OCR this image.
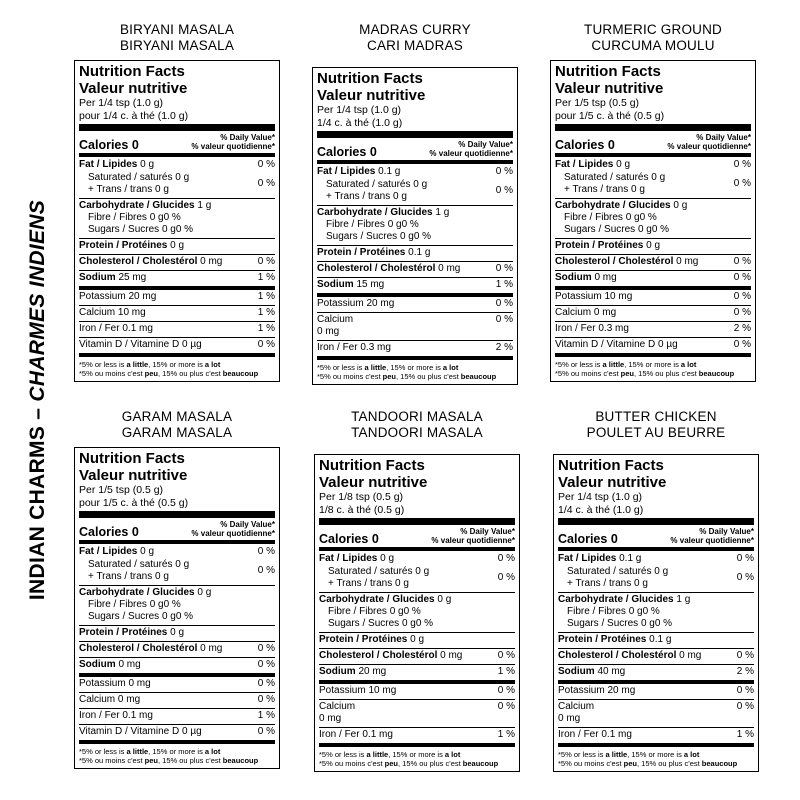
INDIAN CHARMS – CHARMES INDIENS
BIRYANI MASALA
BIRYANI MASALA
Nutrition Facts
Valeur nutritive
Per 1/4 tsp (1.0 g)
pour 1/4 c. à thé (1.0 g)
Calories 0
% Daily Value*
% valeur quotidienne*
Fat / Lipides 0 g	0 %
Saturated / saturés 0 g
+ Trans / trans 0 g
0 %
Carbohydrate / Glucides 1 g
Fibre / Fibres 0 g 0 %
Sugars / Sucres 0 g 0 %
Protein / Protéines 0 g
Cholesterol / Cholestérol 0 mg	0 %
Sodium 25 mg	1 %
Potassium 20 mg	1 %
Calcium 10 mg	1 %
Iron / Fer 0.1 mg	1 %
Vitamin D / Vitamine D 0 µg	0 %
*5% or less is a little, 15% or more is a lot
*5% ou moins c'est peu, 15% ou plus c'est beaucoup
MADRAS CURRY
CARI MADRAS
Nutrition Facts
Valeur nutritive
Per 1/4 tsp (1.0 g)
1/4 c. à thé (1.0 g)
Calories 0
% Daily Value*
% valeur quotidienne*
Fat / Lipides 0.1 g	0 %
Saturated / saturés 0 g
+ Trans / trans 0 g
0 %
Carbohydrate / Glucides 1 g
Fibre / Fibres 0 g 0 %
Sugars / Sucres 0 g 0 %
Protein / Protéines 0.1 g
Cholesterol / Cholestérol 0 mg	0 %
Sodium 15 mg	1 %
Potassium 20 mg	0 %
Calcium
0 mg
0 %
Iron / Fer 0.3 mg	2 %
*5% or less is a little, 15% or more is a lot
*5% ou moins c'est peu, 15% ou plus c'est beaucoup
TURMERIC GROUND
CURCUMA MOULU
Nutrition Facts
Valeur nutritive
Per 1/5 tsp (0.5 g)
pour 1/5 c. à thé (0.5 g)
Calories 0
% Daily Value*
% valeur quotidienne*
Fat / Lipides 0 g	0 %
Saturated / saturés 0 g
+ Trans / trans 0 g
0 %
Carbohydrate / Glucides 0 g
Fibre / Fibres 0 g 0 %
Sugars / Sucres 0 g 0 %
Protein / Protéines 0 g
Cholesterol / Cholestérol 0 mg	0 %
Sodium 0 mg	0 %
Potassium 10 mg	0 %
Calcium 0 mg	0 %
Iron / Fer 0.3 mg	2 %
Vitamin D / Vitamine D 0 µg	0 %
*5% or less is a little, 15% or more is a lot
*5% ou moins c'est peu, 15% ou plus c'est beaucoup
GARAM MASALA
GARAM MASALA
Nutrition Facts
Valeur nutritive
Per 1/5 tsp (0.5 g)
pour 1/5 c. à thé (0.5 g)
Calories 0
% Daily Value*
% valeur quotidienne*
Fat / Lipides 0 g	0 %
Saturated / saturés 0 g
+ Trans / trans 0 g
0 %
Carbohydrate / Glucides 0 g
Fibre / Fibres 0 g 0 %
Sugars / Sucres 0 g 0 %
Protein / Protéines 0 g
Cholesterol / Cholestérol 0 mg	0 %
Sodium 0 mg	0 %
Potassium 0 mg	0 %
Calcium 0 mg	0 %
Iron / Fer 0.1 mg	1 %
Vitamin D / Vitamine D 0 µg	0 %
*5% or less is a little, 15% or more is a lot
*5% ou moins c'est peu, 15% ou plus c'est beaucoup
TANDOORI MASALA
TANDOORI MASALA
Nutrition Facts
Valeur nutritive
Per 1/8 tsp (0.5 g)
1/8 c. à thé (0.5 g)
Calories 0
% Daily Value*
% valeur quotidienne*
Fat / Lipides 0 g	0 %
Saturated / saturés 0 g
+ Trans / trans 0 g
0 %
Carbohydrate / Glucides 0 g
Fibre / Fibres 0 g 0 %
Sugars / Sucres 0 g 0 %
Protein / Protéines 0 g
Cholesterol / Cholestérol 0 mg	0 %
Sodium 20 mg	1 %
Potassium 10 mg	0 %
Calcium
0 mg
0 %
Iron / Fer 0.1 mg	1 %
*5% or less is a little, 15% or more is a lot
*5% ou moins c'est peu, 15% ou plus c'est beaucoup
BUTTER CHICKEN
POULET AU BEURRE
Nutrition Facts
Valeur nutritive
Per 1/4 tsp (1.0 g)
1/4 c. à thé (1.0 g)
Calories 0
% Daily Value*
% valeur quotidienne*
Fat / Lipides 0.1 g	0 %
Saturated / saturés 0 g
+ Trans / trans 0 g
0 %
Carbohydrate / Glucides 1 g
Fibre / Fibres 0 g 0 %
Sugars / Sucres 0 g 0 %
Protein / Protéines 0.1 g
Cholesterol / Cholestérol 0 mg	0 %
Sodium 40 mg	2 %
Potassium 20 mg	0 %
Calcium
0 mg
0 %
Iron / Fer 0.1 mg	1 %
*5% or less is a little, 15% or more is a lot
*5% ou moins c'est peu, 15% ou plus c'est beaucoup
